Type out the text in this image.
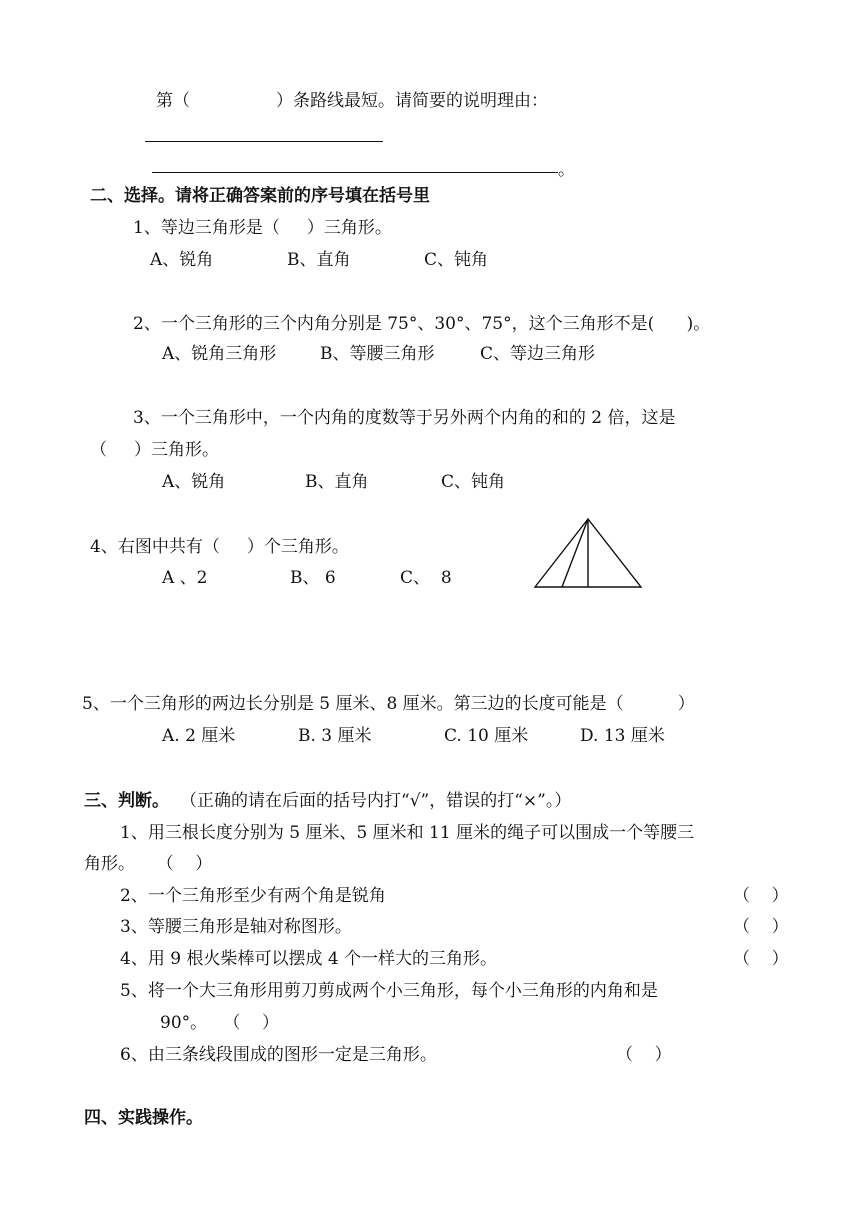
第（	）条路线最短。请简要的说明理由：
。
二、选择。请将正确答案前的序号填在括号里
1、等边三角形是（     ）三角形。
A、锐角	B、直角	C、钝角
2、一个三角形的三个内角分别是 75°、30°、75°，这个三角形不是(      )。
A、锐角三角形	B、等腰三角形	C、等边三角形
3、一个三角形中，一个内角的度数等于另外两个内角的和的 2 倍，这是
（     ）三角形。
A、锐角	B、直角	C、钝角
4、右图中共有（     ）个三角形。
A 、2	B、 6	C、  8
5、一个三角形的两边长分别是 5 厘米、8 厘米。第三边的长度可能是（          ）
A. 2 厘米	B. 3 厘米	C. 10 厘米	D. 13 厘米
三、判断。 （正确的请在后面的括号内打“√”，错误的打“×”。）
1、用三根长度分别为 5 厘米、5 厘米和 11 厘米的绳子可以围成一个等腰三
角形。    （    ）
2、一个三角形至少有两个角是锐角	（    ）
3、等腰三角形是轴对称图形。	（    ）
4、用 9 根火柴棒可以摆成 4 个一样大的三角形。	（    ）
5、将一个大三角形用剪刀剪成两个小三角形，每个小三角形的内角和是
90°。   （    ）
6、由三条线段围成的图形一定是三角形。	（    ）
四、实践操作。
